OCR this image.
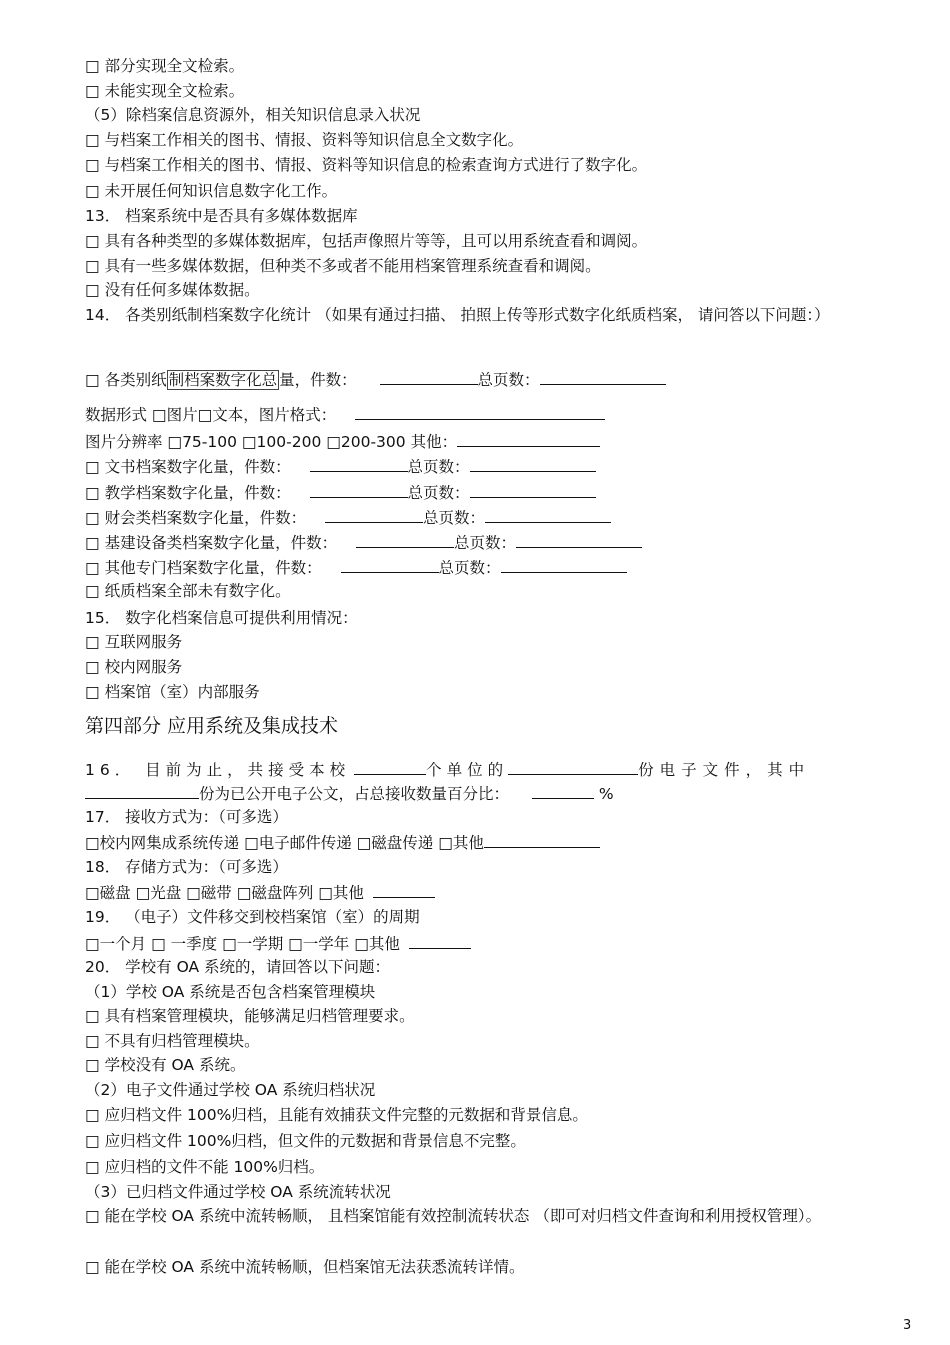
□ 部分实现全文检索。
□ 未能实现全文检索。
（5）除档案信息资源外，相关知识信息录入状况
□ 与档案工作相关的图书、情报、资料等知识信息全文数字化。
□ 与档案工作相关的图书、情报、资料等知识信息的检索查询方式进行了数字化。
□ 未开展任何知识信息数字化工作。
13． 档案系统中是否具有多媒体数据库
□ 具有各种类型的多媒体数据库，包括声像照片等等，且可以用系统查看和调阅。
□ 具有一些多媒体数据，但种类不多或者不能用档案管理系统查看和调阅。
□ 没有任何多媒体数据。
14． 各类别纸制档案数字化统计 （如果有通过扫描、 拍照上传等形式数字化纸质档案， 请问答以下问题：）
□ 各类别纸 制档案数字化总 量，件数：	总页数：
数据形式 □图片□文本，图片格式：
图片分辨率 □75-100 □100-200 □200-300 其他：
□ 文书档案数字化量，件数：	总页数：
□ 教学档案数字化量，件数：	总页数：
□ 财会类档案数字化量，件数：	总页数：
□ 基建设备类档案数字化量，件数：	总页数：
□ 其他专门档案数字化量，件数：	总页数：
□ 纸质档案全部未有数字化。
15． 数字化档案信息可提供利用情况：
□ 互联网服务
□ 校内网服务
□ 档案馆（室）内部服务
第四部分 应用系统及集成技术
16． 目前为止，共接受本校	个单位的	份电子文件，其中
份为已公开电子公文，占总接收数量百分比：	%
17． 接收方式为：（可多选）
□校内网集成系统传递 □电子邮件传递 □磁盘传递 □其他
18． 存储方式为：（可多选）
□磁盘 □光盘 □磁带 □磁盘阵列 □其他
19． （电子）文件移交到校档案馆（室）的周期
□一个月 □ 一季度 □一学期 □一学年 □其他
20． 学校有 OA 系统的，请回答以下问题：
（1）学校 OA 系统是否包含档案管理模块
□ 具有档案管理模块，能够满足归档管理要求。
□ 不具有归档管理模块。
□ 学校没有 OA 系统。
（2）电子文件通过学校 OA 系统归档状况
□ 应归档文件 100%归档，且能有效捕获文件完整的元数据和背景信息。
□ 应归档文件 100%归档，但文件的元数据和背景信息不完整。
□ 应归档的文件不能 100%归档。
（3）已归档文件通过学校 OA 系统流转状况
□ 能在学校 OA 系统中流转畅顺， 且档案馆能有效控制流转状态 （即可对归档文件查询和利用授权管理）。
□ 能在学校 OA 系统中流转畅顺，但档案馆无法获悉流转详情。
3
